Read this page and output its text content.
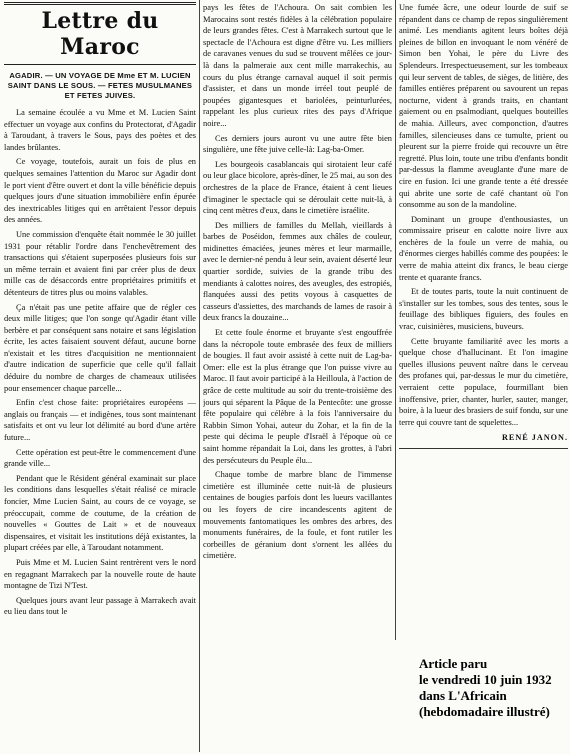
Lettre du Maroc
AGADIR. — UN VOYAGE DE Mme ET M. LUCIEN SAINT DANS LE SOUS. — FETES MUSULMANES ET FETES JUIVES.

La semaine écoulée a vu Mme et M. Lucien Saint effectuer un voyage aux confins du Protectorat, d'Agadir à Taroudant, à travers le Sous, pays des poètes et des landes brûlantes.

Ce voyage, toutefois, aurait un fois de plus en quelques semaines l'attention du Maroc sur Agadir dont le port vient d'être ouvert et dont la ville bénéficie depuis quelques jours d'une situation immobilière enfin épurée des inextricables litiges qui en arrêtaient l'essor depuis des années.

Une commission d'enquête était nommée le 30 juillet 1931 pour rétablir l'ordre dans l'enchevêtrement des transactions qui s'étaient superposées plusieurs fois sur un même terrain et avaient fini par créer plus de deux mille cas de désaccords entre propriétaires primitifs et détenteurs de titres plus ou moins valables.

Ça n'était pas une petite affaire que de régler ces deux mille litiges; que l'on songe qu'Agadir étant ville berbère et par conséquent sans notaire et sans législation écrite, les actes faisaient souvent défaut, aucune borne n'existait et les titres d'acquisition ne mentionnaient d'autre indication de superficie que celle qu'il fallait déduire du nombre de charges de chameaux utilisées pour ensemencer chaque parcelle...

Enfin c'est chose faite: propriétaires européens — anglais ou français — et indigènes, tous sont maintenant satisfaits et ont vu leur lot délimité au bord d'une artère future...

Cette opération est peut-être le commencement d'une grande ville...

Pendant que le Résident général examinait sur place les conditions dans lesquelles s'était réalisé ce miracle foncier, Mme Lucien Saint, au cours de ce voyage, se préoccupait, comme de coutume, de la création de nouvelles « Gouttes de Lait » et de nouveaux dispensaires, et visitait les institutions déjà existantes, la plupart créées par elle, à Taroudant notamment.

Puis Mme et M. Lucien Saint rentrèrent vers le nord en regagnant Marrakech par la nouvelle route de haute montagne de Tizi N'Test.

Quelques jours avant leur passage à Marrakech avait eu lieu dans tout le

pays les fêtes de l'Achoura. On sait combien les Marocains sont restés fidèles à la célébration populaire de leurs grandes fêtes. C'est à Marrakech surtout que le spectacle de l'Achoura est digne d'être vu. Les milliers de caravanes venues du sud se trouvent mêlées ce jour-là dans la palmeraie aux cent mille marrakechis, au cours du plus étrange carnaval auquel il soit permis d'assister, et dans un monde irréel tout peuplé de poupées gigantesques et bariolées, peinturlurées, rappelant les plus curieux rites des pays d'Afrique noire...

Ces derniers jours auront vu une autre fête bien singulière, une fête juive celle-là: Lag-ba-Omer.

Les bourgeois casablancais qui sirotaient leur café ou leur glace bicolore, après-dîner, le 25 mai, au son des orchestres de la place de France, étaient à cent lieues d'imaginer le spectacle qui se déroulait cette nuit-là, à cinq cent mètres d'eux, dans le cimetière israélite.

Des milliers de familles du Mellah, vieillards à barbes de Poséidon, femmes aux châles de couleur, midinettes émaciées, jeunes mères et leur marmaille, avec le dernier-né pendu à leur sein, avaient déserté leur quartier sordide, suivies de la grande tribu des mendiants à calottes noires, des aveugles, des estropiés, flanquées aussi des petits voyous à casquettes de casseurs d'assiettes, des marchands de lames de rasoir à deux francs la douzaine...

Et cette foule énorme et bruyante s'est engouffrée dans la nécropole toute embrasée des feux de milliers de bougies. Il faut avoir assisté à cette nuit de Lag-ba-Omer: elle est la plus étrange que l'on puisse vivre au Maroc. Il faut avoir participé à la Heilloula, à l'action de grâce de cette multitude au soir du trente-troisième des jours qui séparent la Pâque de la Pentecôte: une grosse fête populaire qui célèbre à la fois l'anniversaire du Rabbin Simon Yohai, auteur du Zohar, et la fin de la peste qui décima le peuple d'Israël à l'époque où ce saint homme répandait la Loi, dans les grottes, à l'abri des persécuteurs du Peuple élu...

Chaque tombe de marbre blanc de l'immense cimetière est illuminée cette nuit-là de plusieurs centaines de bougies parfois dont les lueurs vacillantes ou les foyers de cire incandescents agitent de mouvements fantomatiques les ombres des arbres, des monuments funéraires, de la foule, et font rutiler les corbeilles de géranium dont s'ornent les allées du cimetière.

Une fumée âcre, une odeur lourde de suif se répandent dans ce champ de repos singulièrement animé. Les mendiants agitent leurs boîtes déjà pleines de billon en invoquant le nom vénéré de Simon ben Yohai, le père du Livre des Splendeurs. Irrespectueusement, sur les tombeaux qui leur servent de tables, de sièges, de litière, des familles entières préparent ou savourent un repas nocturne, vident à grands traits, en chantant gaiement ou en psalmodiant, quelques bouteilles de mahia. Ailleurs, avec componction, d'autres familles, silencieuses dans ce tumulte, prient ou pleurent sur la pierre froide qui recouvre un être regretté. Plus loin, toute une tribu d'enfants bondit par-dessus la flamme aveuglante d'une mare de cire en fusion. Ici une grande tente a été dressée qui abrite une sorte de café chantant où l'on consomme au son de la mandoline.

Dominant un groupe d'enthousiastes, un commissaire priseur en calotte noire livre aux enchères de la foule un verre de mahia, ou d'énormes cierges habillés comme des poupées: le verre de mahia atteint dix francs, le beau cierge trente et quarante francs.

Et de toutes parts, toute la nuit continuent de s'installer sur les tombes, sous des tentes, sous le feuillage des bibliques figuiers, des foules en vrac, cuisinières, musiciens, buveurs.

Cette bruyante familiarité avec les morts a quelque chose d'hallucinant. Et l'on imagine quelles illusions peuvent naître dans le cerveau des profanes qui, par-dessus le mur du cimetière, verraient cette populace, fourmillant bien inoffensive, prier, chanter, hurler, sauter, manger, boire, à la lueur des brasiers de suif fondu, sur une terre qui couvre tant de squelettes...

RENÉ JANON.
Article paru
le vendredi 10 juin 1932
dans L'Africain
(hebdomadaire illustré)
